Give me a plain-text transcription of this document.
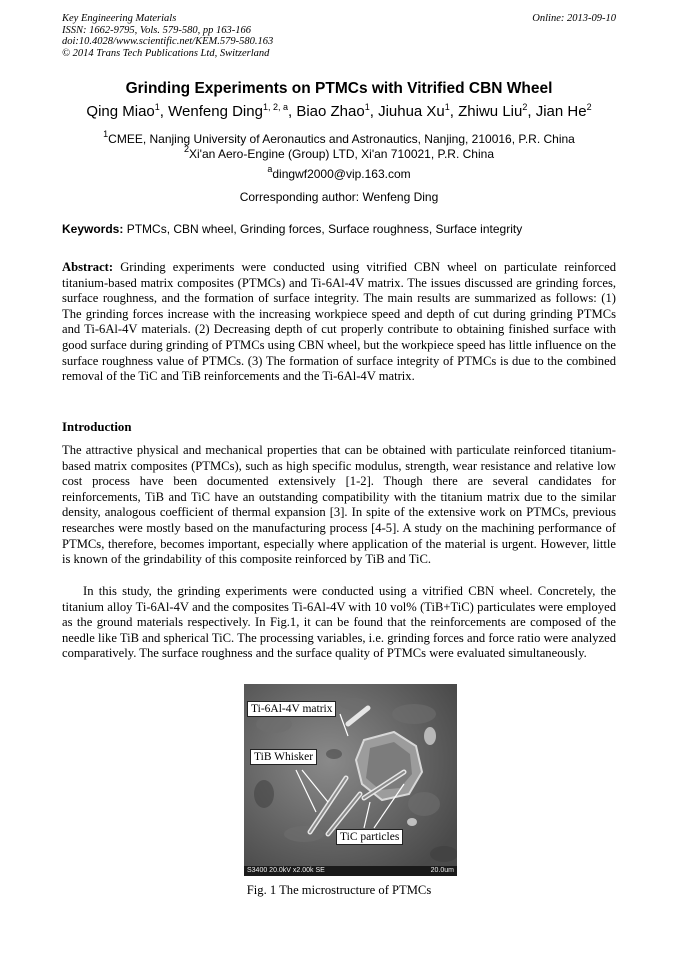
Key Engineering Materials
ISSN: 1662-9795, Vols. 579-580, pp 163-166
doi:10.4028/www.scientific.net/KEM.579-580.163
© 2014 Trans Tech Publications Ltd, Switzerland
Online: 2013-09-10
Grinding Experiments on PTMCs with Vitrified CBN Wheel
Qing Miao$^1$, Wenfeng Ding$^{1, 2, a}$, Biao Zhao$^1$, Jiuhua Xu$^1$, Zhiwu Liu$^2$, Jian He$^2$
$^1$CMEE, Nanjing University of Aeronautics and Astronautics, Nanjing, 210016, P.R. China
$^2$Xi'an Aero-Engine (Group) LTD, Xi'an 710021, P.R. China
$^a$dingwf2000@vip.163.com
Corresponding author: Wenfeng Ding
Keywords: PTMCs, CBN wheel, Grinding forces, Surface roughness, Surface integrity
Abstract: Grinding experiments were conducted using vitrified CBN wheel on particulate reinforced titanium-based matrix composites (PTMCs) and Ti-6Al-4V matrix. The issues discussed are grinding forces, surface roughness, and the formation of surface integrity. The main results are summarized as follows: (1) The grinding forces increase with the increasing workpiece speed and depth of cut during grinding PTMCs and Ti-6Al-4V materials. (2) Decreasing depth of cut properly contribute to obtaining finished surface with good surface during grinding of PTMCs using CBN wheel, but the workpiece speed has little influence on the surface roughness value of PTMCs. (3) The formation of surface integrity of PTMCs is due to the combined removal of the TiC and TiB reinforcements and the Ti-6Al-4V matrix.
Introduction
The attractive physical and mechanical properties that can be obtained with particulate reinforced titanium-based matrix composites (PTMCs), such as high specific modulus, strength, wear resistance and relative low cost process have been documented extensively [1-2]. Though there are several candidates for reinforcements, TiB and TiC have an outstanding compatibility with the titanium matrix due to the similar density, analogous coefficient of thermal expansion [3]. In spite of the extensive work on PTMCs, previous researches were mostly based on the manufacturing process [4-5]. A study on the machining performance of PTMCs, therefore, becomes important, especially where application of the material is urgent. However, little is known of the grindability of this composite reinforced by TiB and TiC.
In this study, the grinding experiments were conducted using a vitrified CBN wheel. Concretely, the titanium alloy Ti-6Al-4V and the composites Ti-6Al-4V with 10 vol% (TiB+TiC) particulates were employed as the ground materials respectively. In Fig.1, it can be found that the reinforcements are composed of the needle like TiB and spherical TiC. The processing variables, i.e. grinding forces and force ratio were analyzed comparatively. The surface roughness and the surface quality of PTMCs were evaluated simultaneously.
Ti-6Al-4V matrix
TiB Whisker
TiC particles
S3400 20.0kV x2.00k SE	20.0um
Fig. 1 The microstructure of PTMCs
